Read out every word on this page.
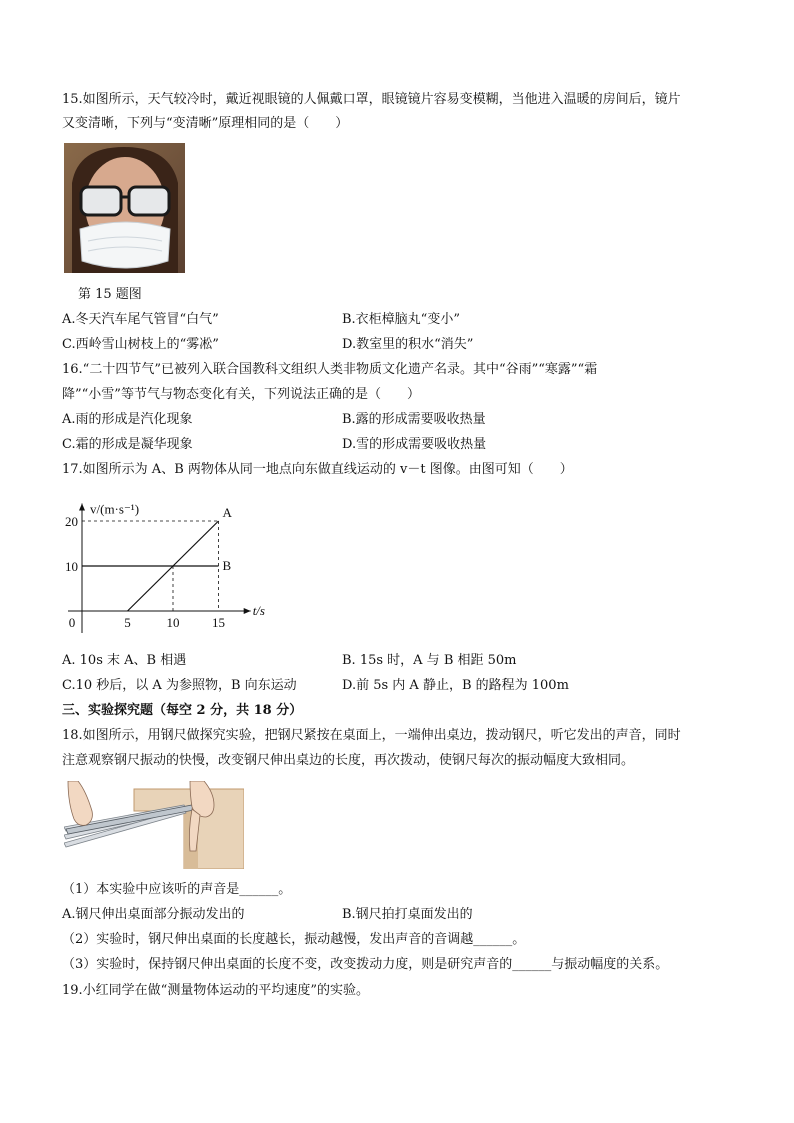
15.如图所示，天气较冷时，戴近视眼镜的人佩戴口罩，眼镜镜片容易变模糊，当他进入温暖的房间后，镜片
又变清晰，下列与“变清晰”原理相同的是（　　）
第 15 题图
A.冬天汽车尾气管冒“白气”	B.衣柜樟脑丸“变小”
C.西岭雪山树枝上的“雾凇”	D.教室里的积水“消失”
16.“二十四节气”已被列入联合国教科文组织人类非物质文化遗产名录。其中“谷雨”“寒露”“霜
降”“小雪”等节气与物态变化有关，下列说法正确的是（　　）
A.雨的形成是汽化现象	B.露的形成需要吸收热量
C.霜的形成是凝华现象	D.雪的形成需要吸收热量
17.如图所示为 A、B 两物体从同一地点向东做直线运动的 v－t 图像。由图可知（　　）
v/(m·s⁻¹)
t/s
0	5	10	15
10
20
A
B
A. 10s 末 A、B 相遇	B. 15s 时，A 与 B 相距 50m
C.10 秒后，以 A 为参照物，B 向东运动	D.前 5s 内 A 静止，B 的路程为 100m
三、实验探究题（每空 2 分，共 18 分）
18.如图所示，用钢尺做探究实验，把钢尺紧按在桌面上，一端伸出桌边，拨动钢尺，听它发出的声音，同时
注意观察钢尺振动的快慢，改变钢尺伸出桌边的长度，再次拨动，使钢尺每次的振动幅度大致相同。
（1）本实验中应该听的声音是______。
A.钢尺伸出桌面部分振动发出的	B.钢尺拍打桌面发出的
（2）实验时，钢尺伸出桌面的长度越长，振动越慢，发出声音的音调越______。
（3）实验时，保持钢尺伸出桌面的长度不变，改变拨动力度，则是研究声音的______与振动幅度的关系。
19.小红同学在做“测量物体运动的平均速度”的实验。
